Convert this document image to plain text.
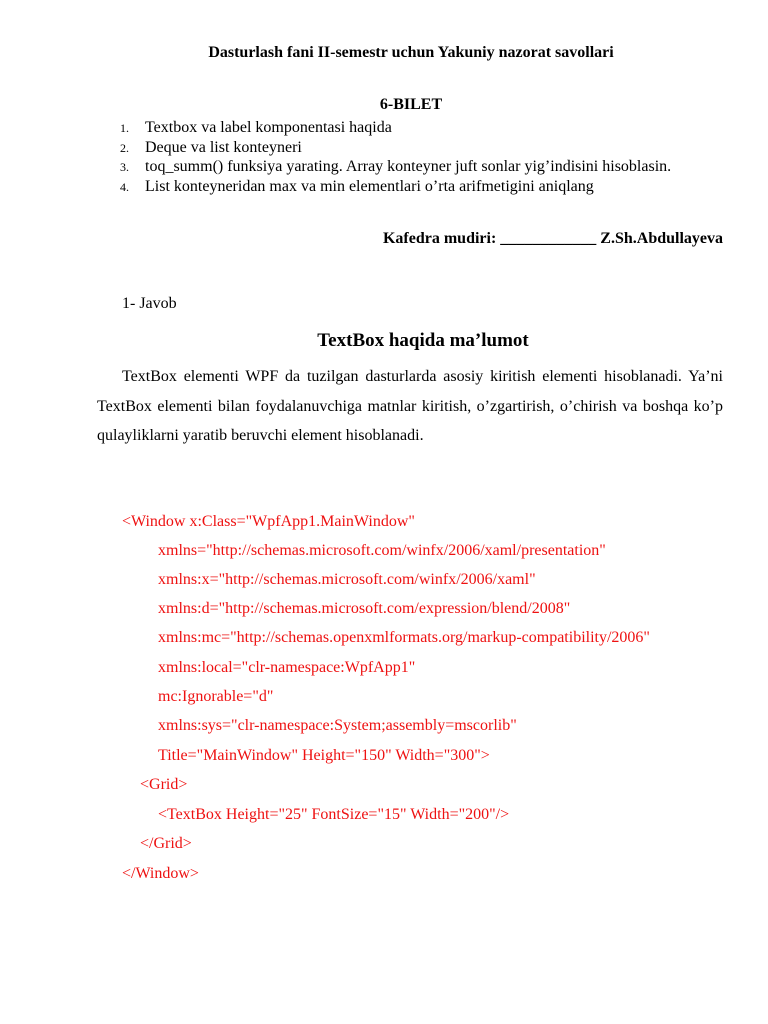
Dasturlash fani II-semestr uchun Yakuniy nazorat savollari
6-BILET
1. Textbox va label komponentasi haqida
2. Deque va list konteyneri
3. toq_summ() funksiya yarating. Array konteyner juft sonlar yig’indisini hisoblasin.
4. List konteyneridan max va min elementlari o’rta arifmetigini aniqlang
Kafedra mudiri: ____________ Z.Sh.Abdullayeva
1- Javob
TextBox haqida ma’lumot

TextBox elementi WPF da tuzilgan dasturlarda asosiy kiritish elementi hisoblanadi. Ya’ni TextBox elementi bilan foydalanuvchiga matnlar kiritish, o’zgartirish, o’chirish va boshqa ko’p qulayliklarni yaratib beruvchi element hisoblanadi.

<Window x:Class="WpfApp1.MainWindow"
xmlns="http://schemas.microsoft.com/winfx/2006/xaml/presentation"
xmlns:x="http://schemas.microsoft.com/winfx/2006/xaml"
xmlns:d="http://schemas.microsoft.com/expression/blend/2008"
xmlns:mc="http://schemas.openxmlformats.org/markup-compatibility/2006"
xmlns:local="clr-namespace:WpfApp1"
mc:Ignorable="d"
xmlns:sys="clr-namespace:System;assembly=mscorlib"
Title="MainWindow" Height="150" Width="300">
<Grid>
<TextBox Height="25" FontSize="15" Width="200"/>
</Grid>
</Window>
